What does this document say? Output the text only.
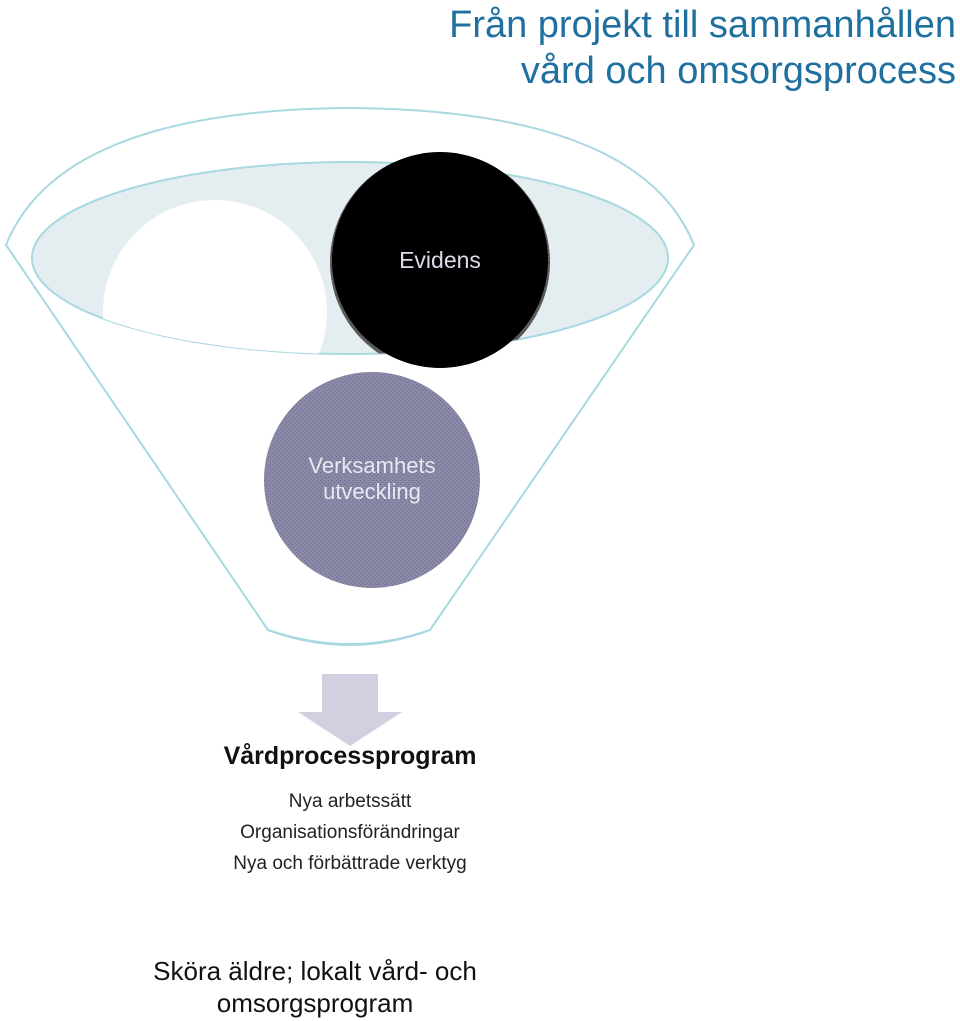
Från projekt till sammanhållen
vård och omsorgsprocess
Evidens
Verksamhets
utveckling
Vårdprocessprogram
Nya arbetssätt
Organisationsförändringar
Nya och förbättrade verktyg
Sköra äldre; lokalt vård- och
omsorgsprogram
